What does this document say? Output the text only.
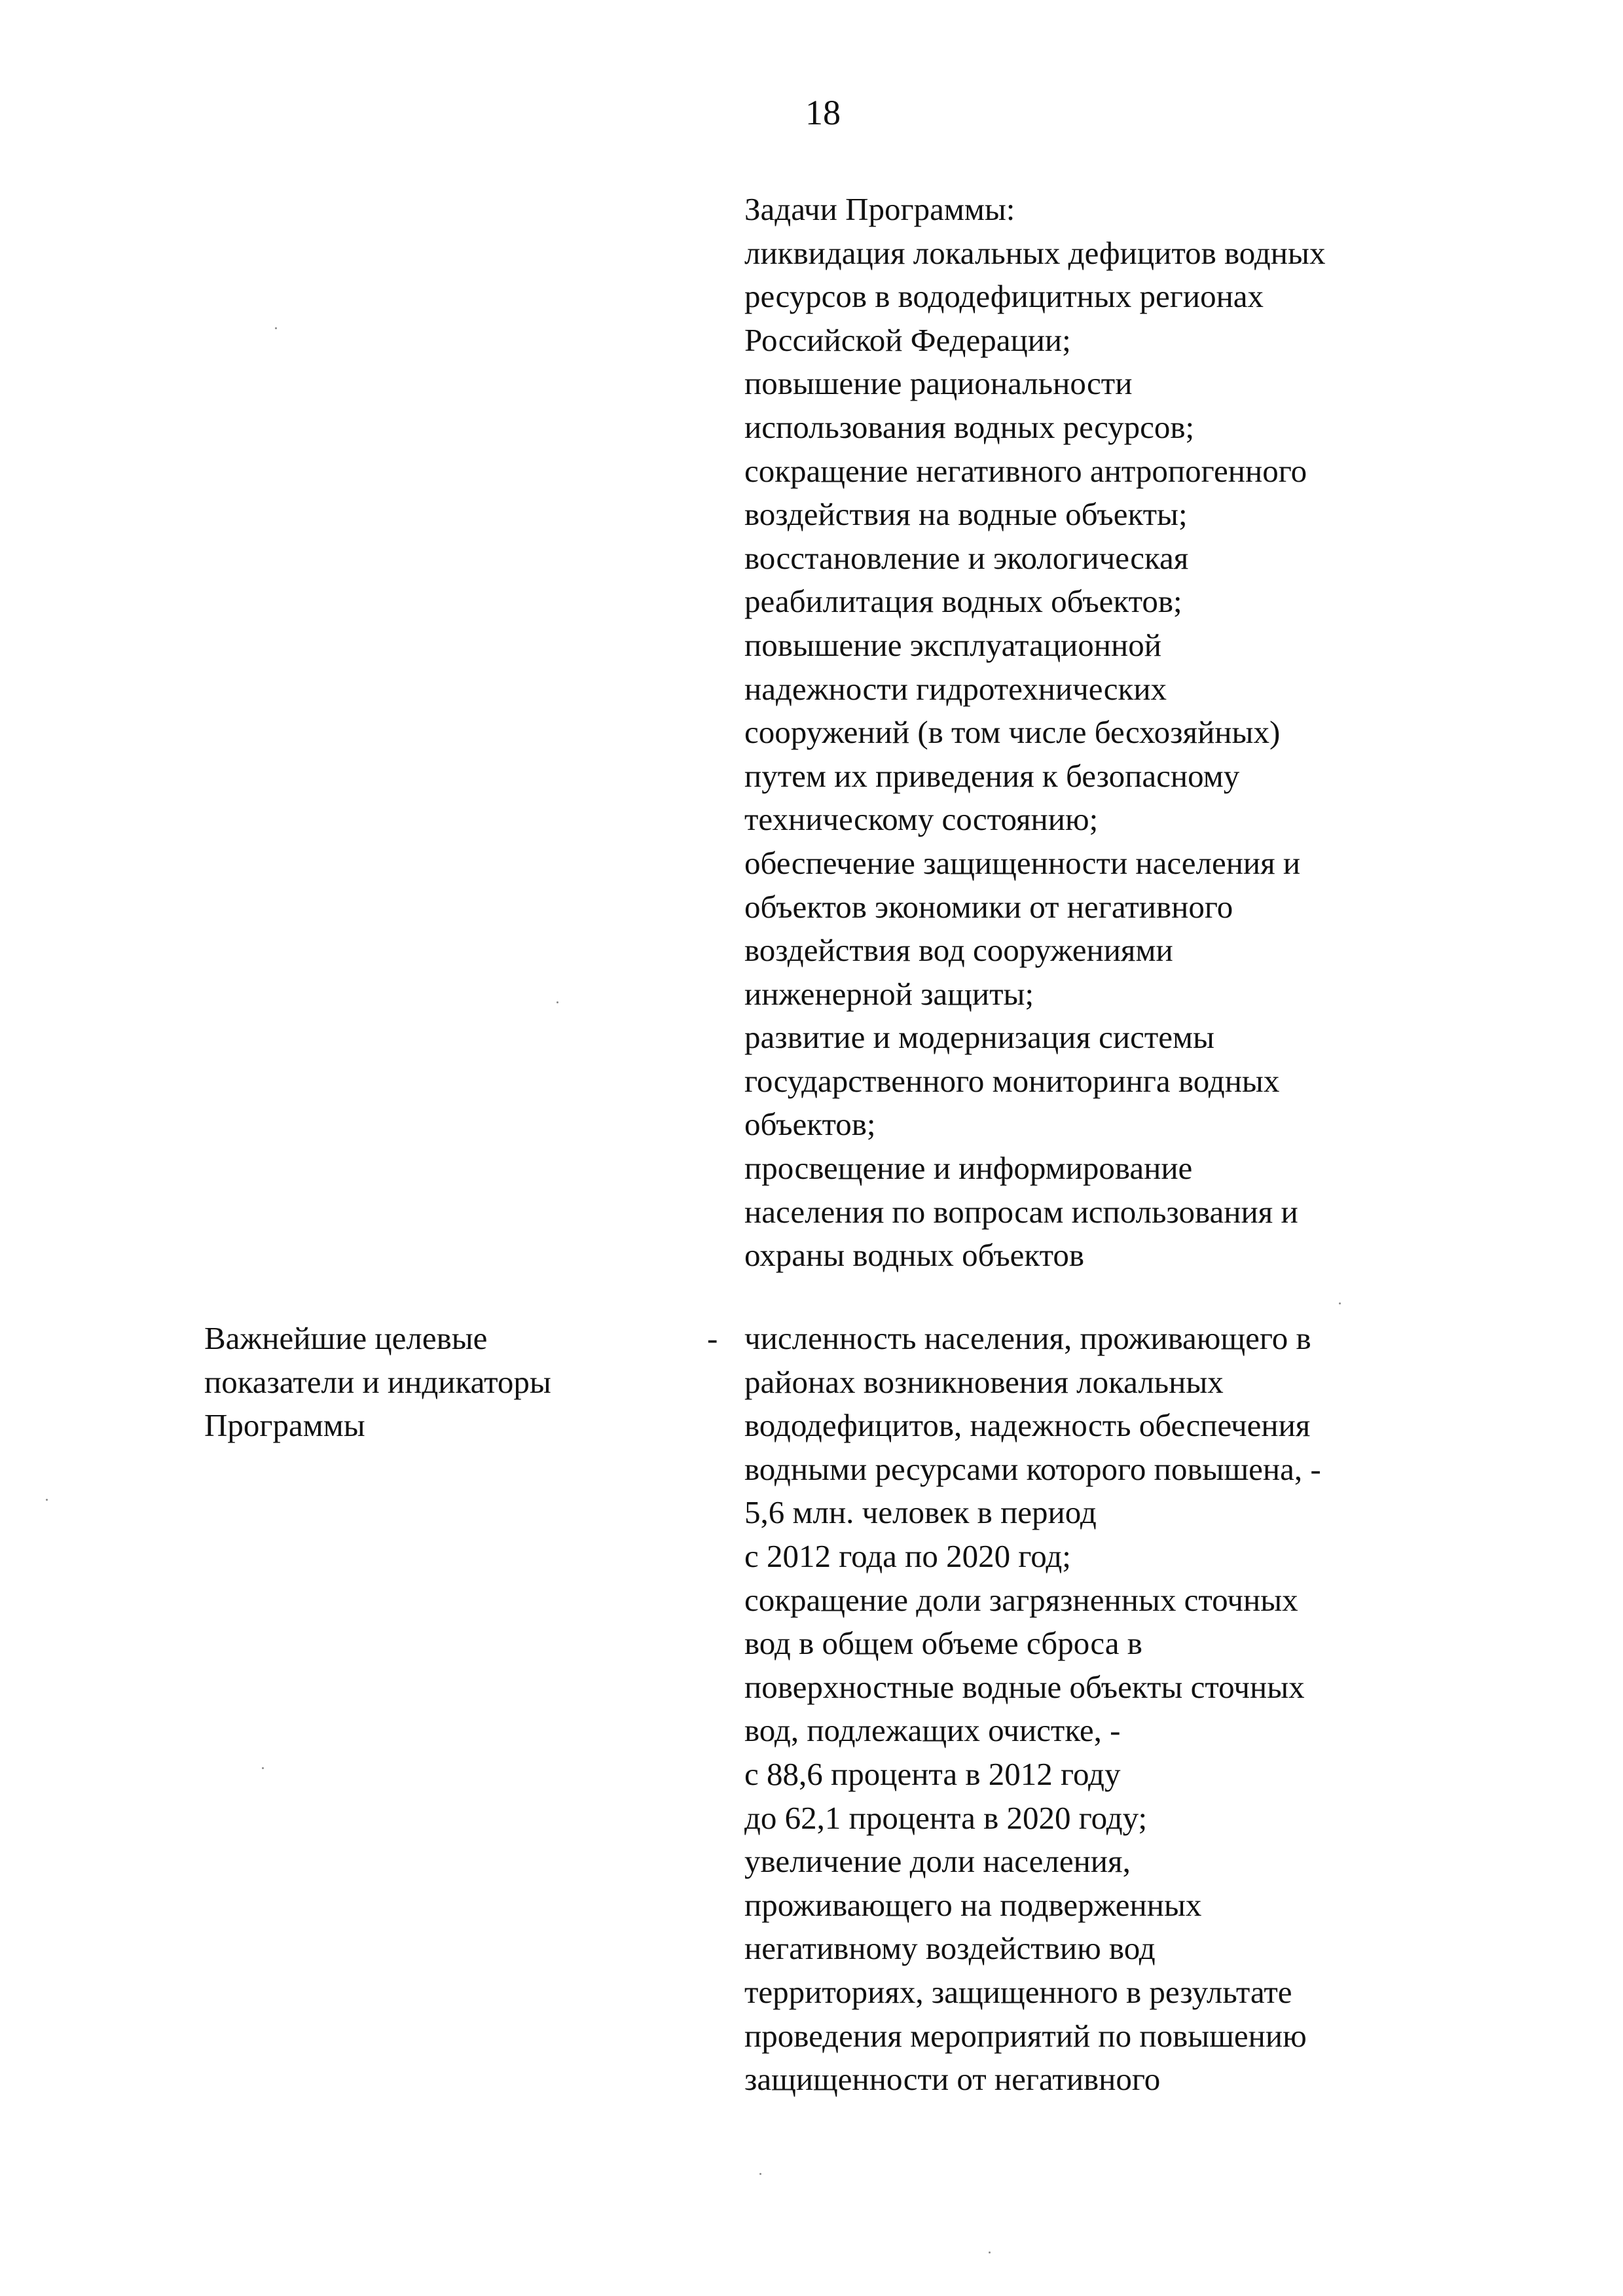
18
Задачи Программы:
ликвидация локальных дефицитов водных
ресурсов в вододефицитных регионах
Российской Федерации;
повышение рациональности
использования водных ресурсов;
сокращение негативного антропогенного
воздействия на водные объекты;
восстановление и экологическая
реабилитация водных объектов;
повышение эксплуатационной
надежности гидротехнических
сооружений (в том числе бесхозяйных)
путем их приведения к безопасному
техническому состоянию;
обеспечение защищенности населения и
объектов экономики от негативного
воздействия вод сооружениями
инженерной защиты;
развитие и модернизация системы
государственного мониторинга водных
объектов;
просвещение и информирование
населения по вопросам использования и
охраны водных объектов
Важнейшие целевые
показатели и индикаторы
Программы
- численность населения, проживающего в
районах возникновения локальных
вододефицитов, надежность обеспечения
водными ресурсами которого повышена, -
5,6 млн. человек в период
с 2012 года по 2020 год;
сокращение доли загрязненных сточных
вод в общем объеме сброса в
поверхностные водные объекты сточных
вод, подлежащих очистке, -
с 88,6 процента в 2012 году
до 62,1 процента в 2020 году;
увеличение доли населения,
проживающего на подверженных
негативному воздействию вод
территориях, защищенного в результате
проведения мероприятий по повышению
защищенности от негативного
